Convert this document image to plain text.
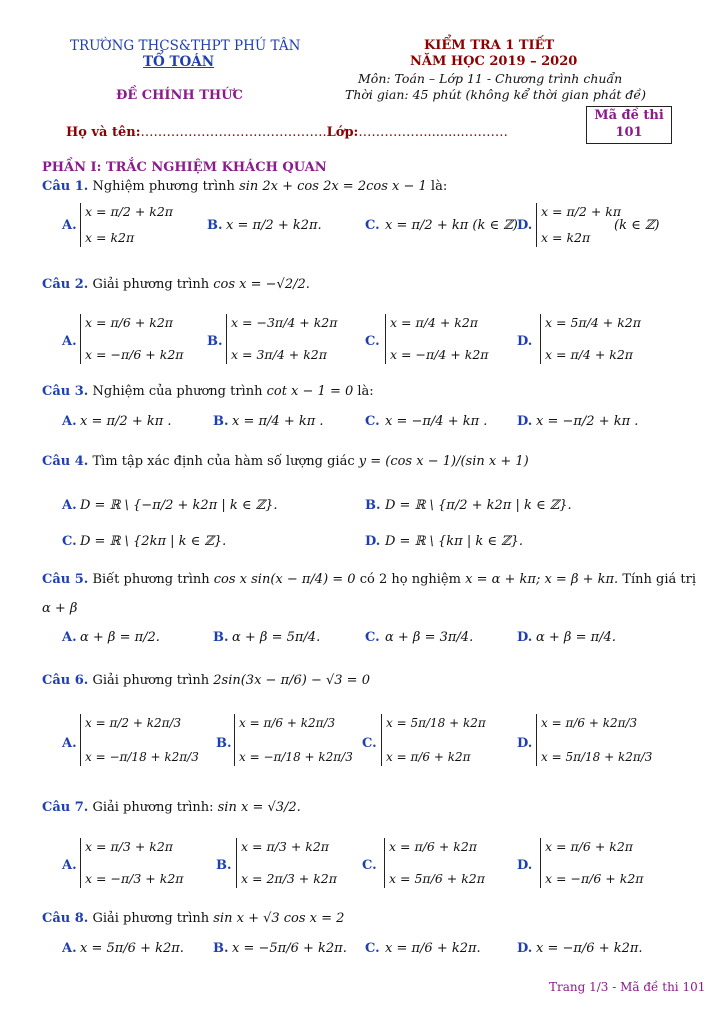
TRƯỜNG THCS&THPT PHÚ TÂN
TỔ TOÁN
ĐỀ CHÍNH THỨC
KIỂM TRA 1 TIẾT
NĂM HỌC 2019 – 2020
Môn: Toán – Lớp 11 - Chương trình chuẩn
Thời gian: 45 phút (không kể thời gian phát đề)
Mã đề thi
101
Họ và tên:…………………………………….Lớp:……………...........………
PHẦN I: TRẮC NGHIỆM KHÁCH QUAN
Câu 1. Nghiệm phương trình sin 2x + cos 2x = 2cos x − 1 là:
A.
x = π/2 + k2π
x = k2π
B. x = π/2 + k2π.	C. x = π/2 + kπ (k ∈ ℤ) D.
x = π/2 + kπ
x = k2π
(k ∈ ℤ)
Câu 2. Giải phương trình cos x = −√2/2.
A.
x = π/6 + k2π
x = −π/6 + k2π
B.
x = −3π/4 + k2π
x = 3π/4 + k2π
C.
x = π/4 + k2π
x = −π/4 + k2π
D.
x = 5π/4 + k2π
x = π/4 + k2π
Câu 3. Nghiệm của phương trình cot x − 1 = 0 là:
A. x = π/2 + kπ .	B. x = π/4 + kπ .	C. x = −π/4 + kπ . D. x = −π/2 + kπ .
Câu 4. Tìm tập xác định của hàm số lượng giác y = (cos x − 1)/(sin x + 1)
A. D = ℝ \ {−π/2 + k2π | k ∈ ℤ}.	B. D = ℝ \ {π/2 + k2π | k ∈ ℤ}.
C. D = ℝ \ {2kπ | k ∈ ℤ}.	D. D = ℝ \ {kπ | k ∈ ℤ}.
Câu 5. Biết phương trình cos x sin(x − π/4) = 0 có 2 họ nghiệm x = α + kπ; x = β + kπ. Tính giá trị
α + β
A. α + β = π/2.	B. α + β = 5π/4.	C. α + β = 3π/4.	D. α + β = π/4.
Câu 6. Giải phương trình 2sin(3x − π/6) − √3 = 0
A.
x = π/2 + k2π/3
x = −π/18 + k2π/3
B.
x = π/6 + k2π/3
x = −π/18 + k2π/3
C.
x = 5π/18 + k2π
x = π/6 + k2π
D.
x = π/6 + k2π/3
x = 5π/18 + k2π/3
Câu 7. Giải phương trình: sin x = √3/2.
A.
x = π/3 + k2π
x = −π/3 + k2π
B.
x = π/3 + k2π
x = 2π/3 + k2π
C.
x = π/6 + k2π
x = 5π/6 + k2π
D.
x = π/6 + k2π
x = −π/6 + k2π
Câu 8. Giải phương trình sin x + √3 cos x = 2
A. x = 5π/6 + k2π. B. x = −5π/6 + k2π. C. x = π/6 + k2π.	D. x = −π/6 + k2π.
Trang 1/3 - Mã đề thi 101
